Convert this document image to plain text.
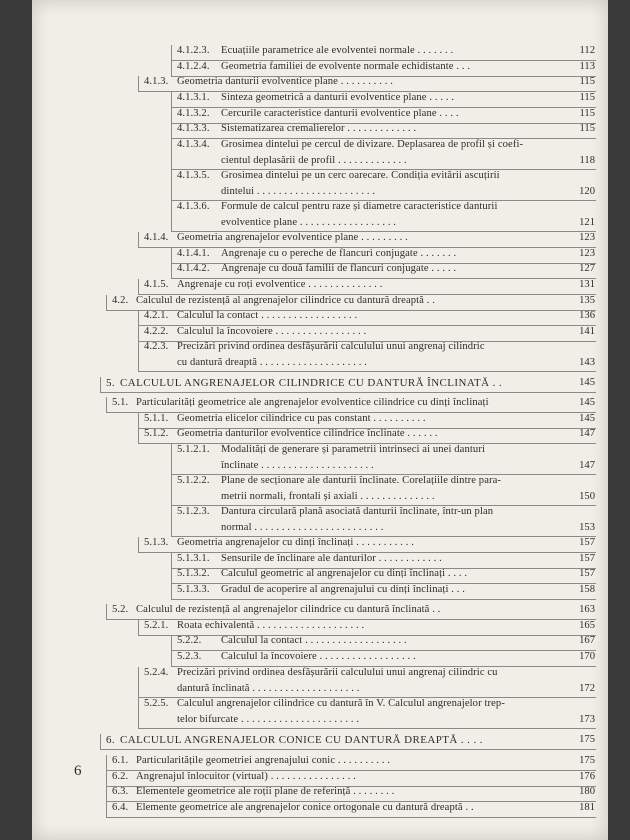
4.1.2.3. Ecuațiile parametrice ale evolventei normale . . . . . . .	112
4.1.2.4. Geometria familiei de evolvente normale echidistante . . .	113
4.1.3. Geometria danturii evolventice plane . . . . . . . . . .	115
4.1.3.1. Sinteza geometrică a danturii evolventice plane . . . . .	115
4.1.3.2. Cercurile caracteristice danturii evolventice plane . . . .	115
4.1.3.3. Sistematizarea cremalierelor . . . . . . . . . . . . .	115
4.1.3.4. Grosimea dintelui pe cercul de divizare. Deplasarea de profil și coefi-
cientul deplasării de profil . . . . . . . . . . . . .	118
4.1.3.5. Grosimea dintelui pe un cerc oarecare. Condiția evitării ascuțirii
dintelui . . . . . . . . . . . . . . . . . . . . . .	120
4.1.3.6. Formule de calcul pentru raze și diametre caracteristice danturii
evolventice plane . . . . . . . . . . . . . . . . . .	121
4.1.4. Geometria angrenajelor evolventice plane . . . . . . . . .	123
4.1.4.1. Angrenaje cu o pereche de flancuri conjugate . . . . . . .	123
4.1.4.2. Angrenaje cu două familii de flancuri conjugate . . . . .	127
4.1.5. Angrenaje cu roți evolventice . . . . . . . . . . . . . .	131
4.2. Calculul de rezistență al angrenajelor cilindrice cu dantură dreaptă . .	135
4.2.1. Calculul la contact . . . . . . . . . . . . . . . . . .	136
4.2.2. Calculul la încovoiere . . . . . . . . . . . . . . . . .	141
4.2.3. Precizări privind ordinea desfășurării calculului unui angrenaj cilindric
cu dantură dreaptă . . . . . . . . . . . . . . . . . . . .	143
5. CALCULUL ANGRENAJELOR CILINDRICE CU DANTURĂ ÎNCLINATĂ . .	145
5.1. Particularități geometrice ale angrenajelor evolventice cilindrice cu dinți înclinați	145
5.1.1. Geometria elicelor cilindrice cu pas constant . . . . . . . . . .	145
5.1.2. Geometria danturilor evolventice cilindrice înclinate . . . . . .	147
5.1.2.1. Modalități de generare și parametrii intrinseci ai unei danturi
înclinate . . . . . . . . . . . . . . . . . . . . .	147
5.1.2.2. Plane de secționare ale danturii înclinate. Corelațiile dintre para-
metrii normali, frontali și axiali . . . . . . . . . . . . . .	150
5.1.2.3. Dantura circulară plană asociată danturii înclinate, într-un plan
normal . . . . . . . . . . . . . . . . . . . . . . . .	153
5.1.3. Geometria angrenajelor cu dinți înclinați . . . . . . . . . . .	157
5.1.3.1. Sensurile de înclinare ale danturilor . . . . . . . . . . . .	157
5.1.3.2. Calculul geometric al angrenajelor cu dinți înclinați . . . .	157
5.1.3.3. Gradul de acoperire al angrenajului cu dinți înclinați . . .	158
5.2. Calculul de rezistență al angrenajelor cilindrice cu dantură înclinată . .	163
5.2.1. Roata echivalentă . . . . . . . . . . . . . . . . . . . .	165
5.2.2. Calculul la contact . . . . . . . . . . . . . . . . . . .	167
5.2.3. Calculul la încovoiere . . . . . . . . . . . . . . . . . .	170
5.2.4. Precizări privind ordinea desfășurării calculului unui angrenaj cilindric cu
dantură înclinată . . . . . . . . . . . . . . . . . . . .	172
5.2.5. Calculul angrenajelor cilindrice cu dantură în V. Calculul angrenajelor trep-
telor bifurcate . . . . . . . . . . . . . . . . . . . . . .	173
6. CALCULUL ANGRENAJELOR CONICE CU DANTURĂ DREAPTĂ . . . .	175
6.1. Particularitățile geometriei angrenajului conic . . . . . . . . . .	175
6.2. Angrenajul înlocuitor (virtual) . . . . . . . . . . . . . . . .	176
6.3. Elementele geometrice ale roții plane de referință . . . . . . . .	180
6.4. Elemente geometrice ale angrenajelor conice ortogonale cu dantură dreaptă . .	181
6
